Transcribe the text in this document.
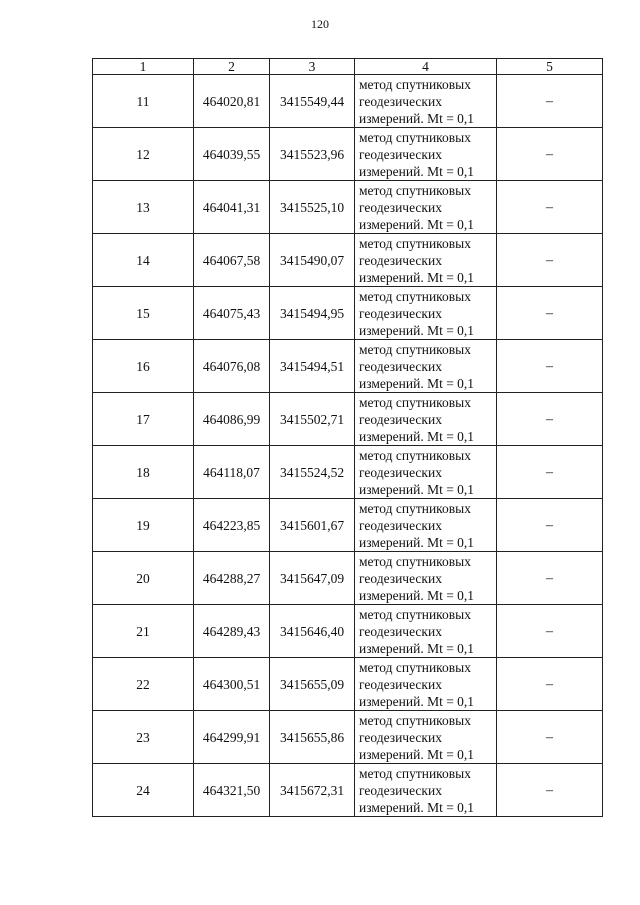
120
1	2	3	4	5
11	464020,81	3415549,44	метод спутниковых
геодезических
измерений. Mt = 0,1	–
12	464039,55	3415523,96	метод спутниковых
геодезических
измерений. Mt = 0,1	–
13	464041,31	3415525,10	метод спутниковых
геодезических
измерений. Mt = 0,1	–
14	464067,58	3415490,07	метод спутниковых
геодезических
измерений. Mt = 0,1	–
15	464075,43	3415494,95	метод спутниковых
геодезических
измерений. Mt = 0,1	–
16	464076,08	3415494,51	метод спутниковых
геодезических
измерений. Mt = 0,1	–
17	464086,99	3415502,71	метод спутниковых
геодезических
измерений. Mt = 0,1	–
18	464118,07	3415524,52	метод спутниковых
геодезических
измерений. Mt = 0,1	–
19	464223,85	3415601,67	метод спутниковых
геодезических
измерений. Mt = 0,1	–
20	464288,27	3415647,09	метод спутниковых
геодезических
измерений. Mt = 0,1	–
21	464289,43	3415646,40	метод спутниковых
геодезических
измерений. Mt = 0,1	–
22	464300,51	3415655,09	метод спутниковых
геодезических
измерений. Mt = 0,1	–
23	464299,91	3415655,86	метод спутниковых
геодезических
измерений. Mt = 0,1	–
24	464321,50	3415672,31	метод спутниковых
геодезических
измерений. Mt = 0,1	–
